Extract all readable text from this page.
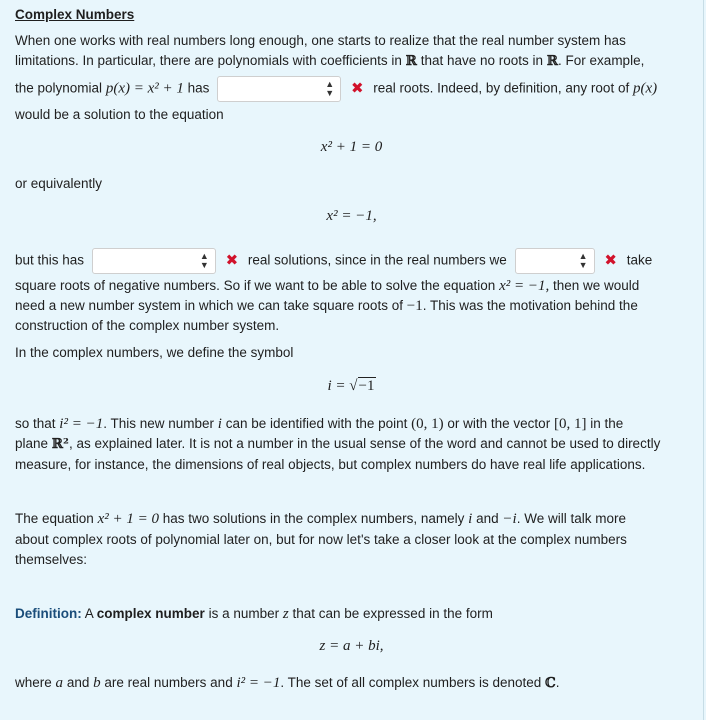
Complex Numbers
When one works with real numbers long enough, one starts to realize that the real number system has
limitations. In particular, there are polynomials with coefficients in ℝ that have no roots in ℝ. For example,
the polynomial p(x) = x² + 1 has	▲
▼ ✖ real roots. Indeed, by definition, any root of p(x)
would be a solution to the equation
x² + 1 = 0
or equivalently
x² = −1,
but this has	▲
▼ ✖ real solutions, since in the real numbers we	▲
▼ ✖ take
square roots of negative numbers. So if we want to be able to solve the equation x² = −1, then we would
need a new number system in which we can take square roots of −1. This was the motivation behind the
construction of the complex number system.
In the complex numbers, we define the symbol
i = √−1
so that i² = −1. This new number i can be identified with the point (0, 1) or with the vector [0, 1] in the
plane ℝ², as explained later. It is not a number in the usual sense of the word and cannot be used to directly
measure, for instance, the dimensions of real objects, but complex numbers do have real life applications.
The equation x² + 1 = 0 has two solutions in the complex numbers, namely i and −i. We will talk more
about complex roots of polynomial later on, but for now let's take a closer look at the complex numbers
themselves:
Definition: A complex number is a number z that can be expressed in the form
z = a + bi,
where a and b are real numbers and i² = −1. The set of all complex numbers is denoted ℂ.
